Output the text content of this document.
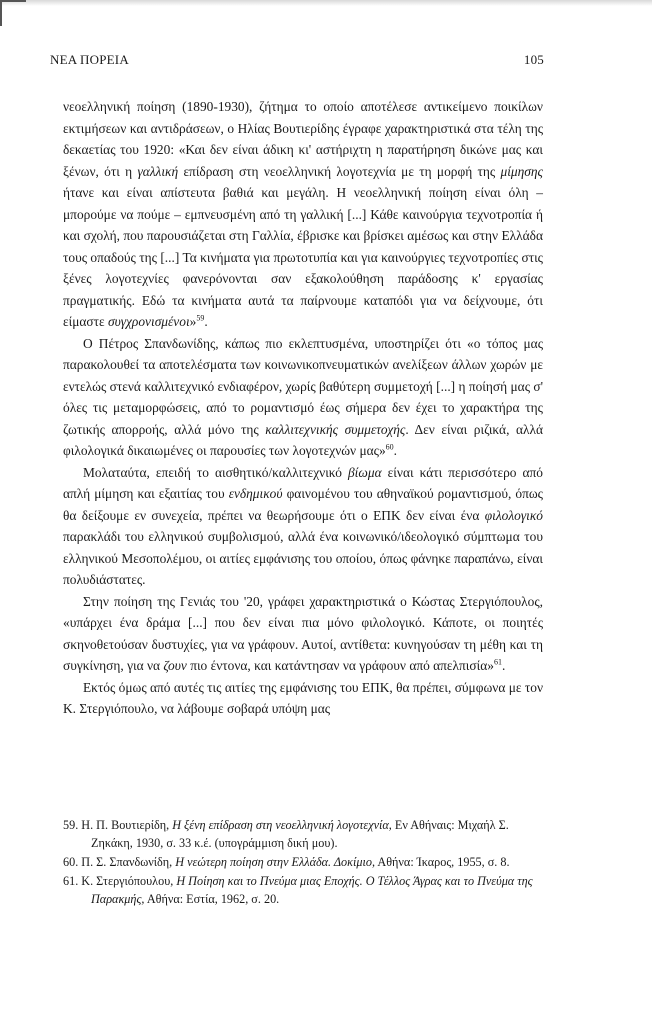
ΝΕΑ ΠΟΡΕΙΑ	105

νεοελληνική ποίηση (1890-1930), ζήτημα το οποίο αποτέλεσε αντικείμενο ποικίλων εκτιμήσεων και αντιδράσεων, ο Ηλίας Βουτιερίδης έγραφε χαρακτηριστικά στα τέλη της δεκαετίας του 1920: «Και δεν είναι άδικη κι' αστήριχτη η παρατήρηση δικώνε μας και ξένων, ότι η γαλλική επίδραση στη νεοελληνική λογοτεχνία με τη μορφή της μίμησης ήτανε και είναι απίστευτα βαθιά και μεγάλη. Η νεοελληνική ποίηση είναι όλη – μπορούμε να πούμε – εμπνευσμένη από τη γαλλική [...] Κάθε καινούργια τεχνοτροπία ή και σχολή, που παρουσιάζεται στη Γαλλία, έβρισκε και βρίσκει αμέσως και στην Ελλάδα τους οπαδούς της [...] Τα κινήματα για πρωτοτυπία και για καινούργιες τεχνοτροπίες στις ξένες λογοτεχνίες φανερόνονται σαν εξακολούθηση παράδοσης κ' εργασίας πραγματικής. Εδώ τα κινήματα αυτά τα παίρνουμε καταπόδι για να δείχνουμε, ότι είμαστε συγχρονισμένοι»$^{59}$.

Ο Πέτρος Σπανδωνίδης, κάπως πιο εκλεπτυσμένα, υποστηρίζει ότι «ο τόπος μας παρακολουθεί τα αποτελέσματα των κοινωνικοπνευματικών ανελίξεων άλλων χωρών με εντελώς στενά καλλιτεχνικό ενδιαφέρον, χωρίς βαθύτερη συμμετοχή [...] η ποίησή μας σ' όλες τις μεταμορφώσεις, από το ρομαντισμό έως σήμερα δεν έχει το χαρακτήρα της ζωτικής απορροής, αλλά μόνο της καλλιτεχνικής συμμετοχής. Δεν είναι ριζικά, αλλά φιλολογικά δικαιωμένες οι παρουσίες των λογοτεχνών μας»$^{60}$.

Μολαταύτα, επειδή το αισθητικό/καλλιτεχνικό βίωμα είναι κάτι περισσότερο από απλή μίμηση και εξαιτίας του ενδημικού φαινομένου του αθηναϊκού ρομαντισμού, όπως θα δείξουμε εν συνεχεία, πρέπει να θεωρήσουμε ότι ο ΕΠΚ δεν είναι ένα φιλολογικό παρακλάδι του ελληνικού συμβολισμού, αλλά ένα κοινωνικό/ιδεολογικό σύμπτωμα του ελληνικού Μεσοπολέμου, οι αιτίες εμφάνισης του οποίου, όπως φάνηκε παραπάνω, είναι πολυδιάστατες.

Στην ποίηση της Γενιάς του '20, γράφει χαρακτηριστικά ο Κώστας Στεργιόπουλος, «υπάρχει ένα δράμα [...] που δεν είναι πια μόνο φιλολογικό. Κάποτε, οι ποιητές σκηνοθετούσαν δυστυχίες, για να γράφουν. Αυτοί, αντίθετα: κυνηγούσαν τη μέθη και τη συγκίνηση, για να ζουν πιο έντονα, και κατάντησαν να γράφουν από απελπισία»$^{61}$.

Εκτός όμως από αυτές τις αιτίες της εμφάνισης του ΕΠΚ, θα πρέπει, σύμφωνα με τον Κ. Στεργιόπουλο, να λάβουμε σοβαρά υπόψη μας

59. Η. Π. Βουτιερίδη, Η ξένη επίδραση στη νεοελληνική λογοτεχνία, Εν Αθήναις: Μιχαήλ Σ. Ζηκάκη, 1930, σ. 33 κ.έ. (υπογράμμιση δική μου).

60. Π. Σ. Σπανδωνίδη, Η νεώτερη ποίηση στην Ελλάδα. Δοκίμιο, Αθήνα: Ίκαρος, 1955, σ. 8.

61. Κ. Στεργιόπουλου, Η Ποίηση και το Πνεύμα μιας Εποχής. Ο Τέλλος Άγρας και το Πνεύμα της Παρακμής, Αθήνα: Εστία, 1962, σ. 20.
